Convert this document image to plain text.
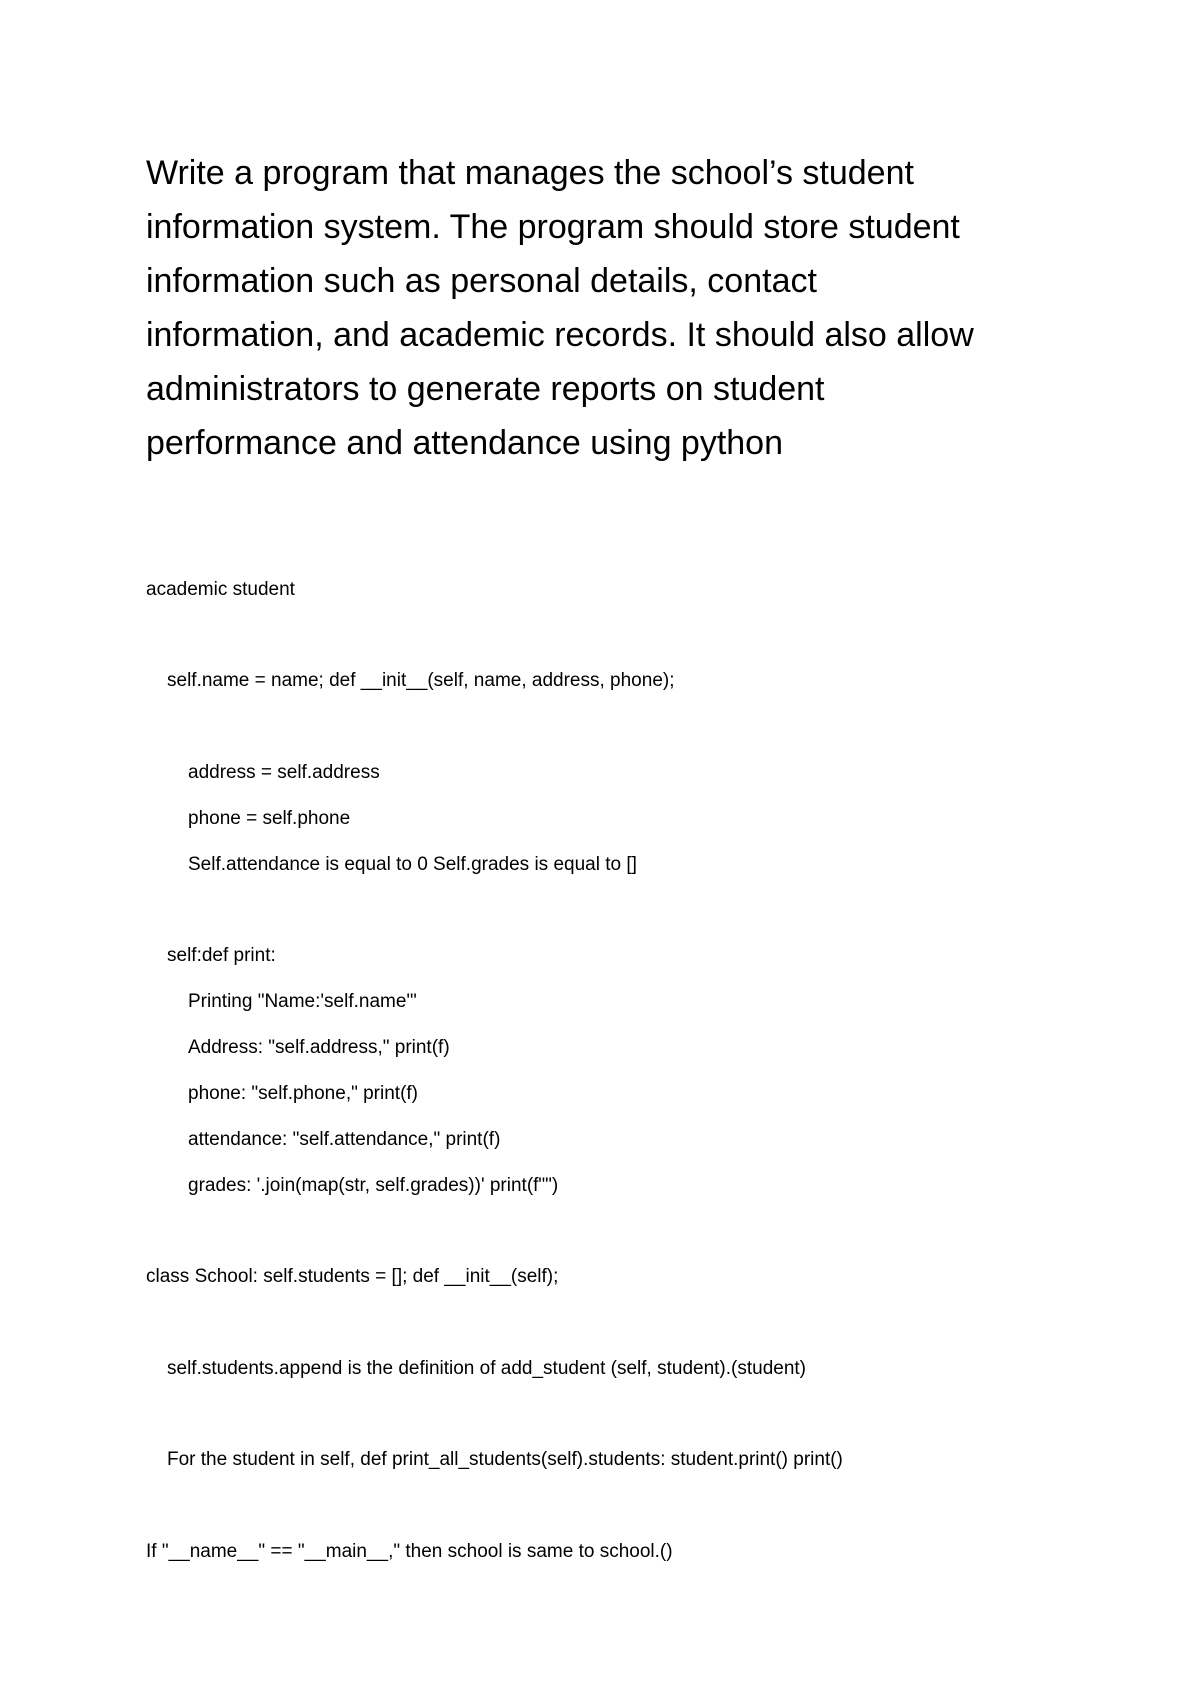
Write a program that manages the school’s student
information system. The program should store student
information such as personal details, contact
information, and academic records. It should also allow
administrators to generate reports on student
performance and attendance using python

academic student

self.name = name; def __init__(self, name, address, phone);

address = self.address

phone = self.phone

Self.attendance is equal to 0 Self.grades is equal to []

self:def print:

Printing "Name:'self.name'"

Address: "self.address," print(f)

phone: "self.phone," print(f)

attendance: "self.attendance," print(f)

grades: '.join(map(str, self.grades))' print(f"")

class School: self.students = []; def __init__(self);

self.students.append is the definition of add_student (self, student).(student)

For the student in self, def print_all_students(self).students: student.print() print()

If "__name__" == "__main__," then school is same to school.()
